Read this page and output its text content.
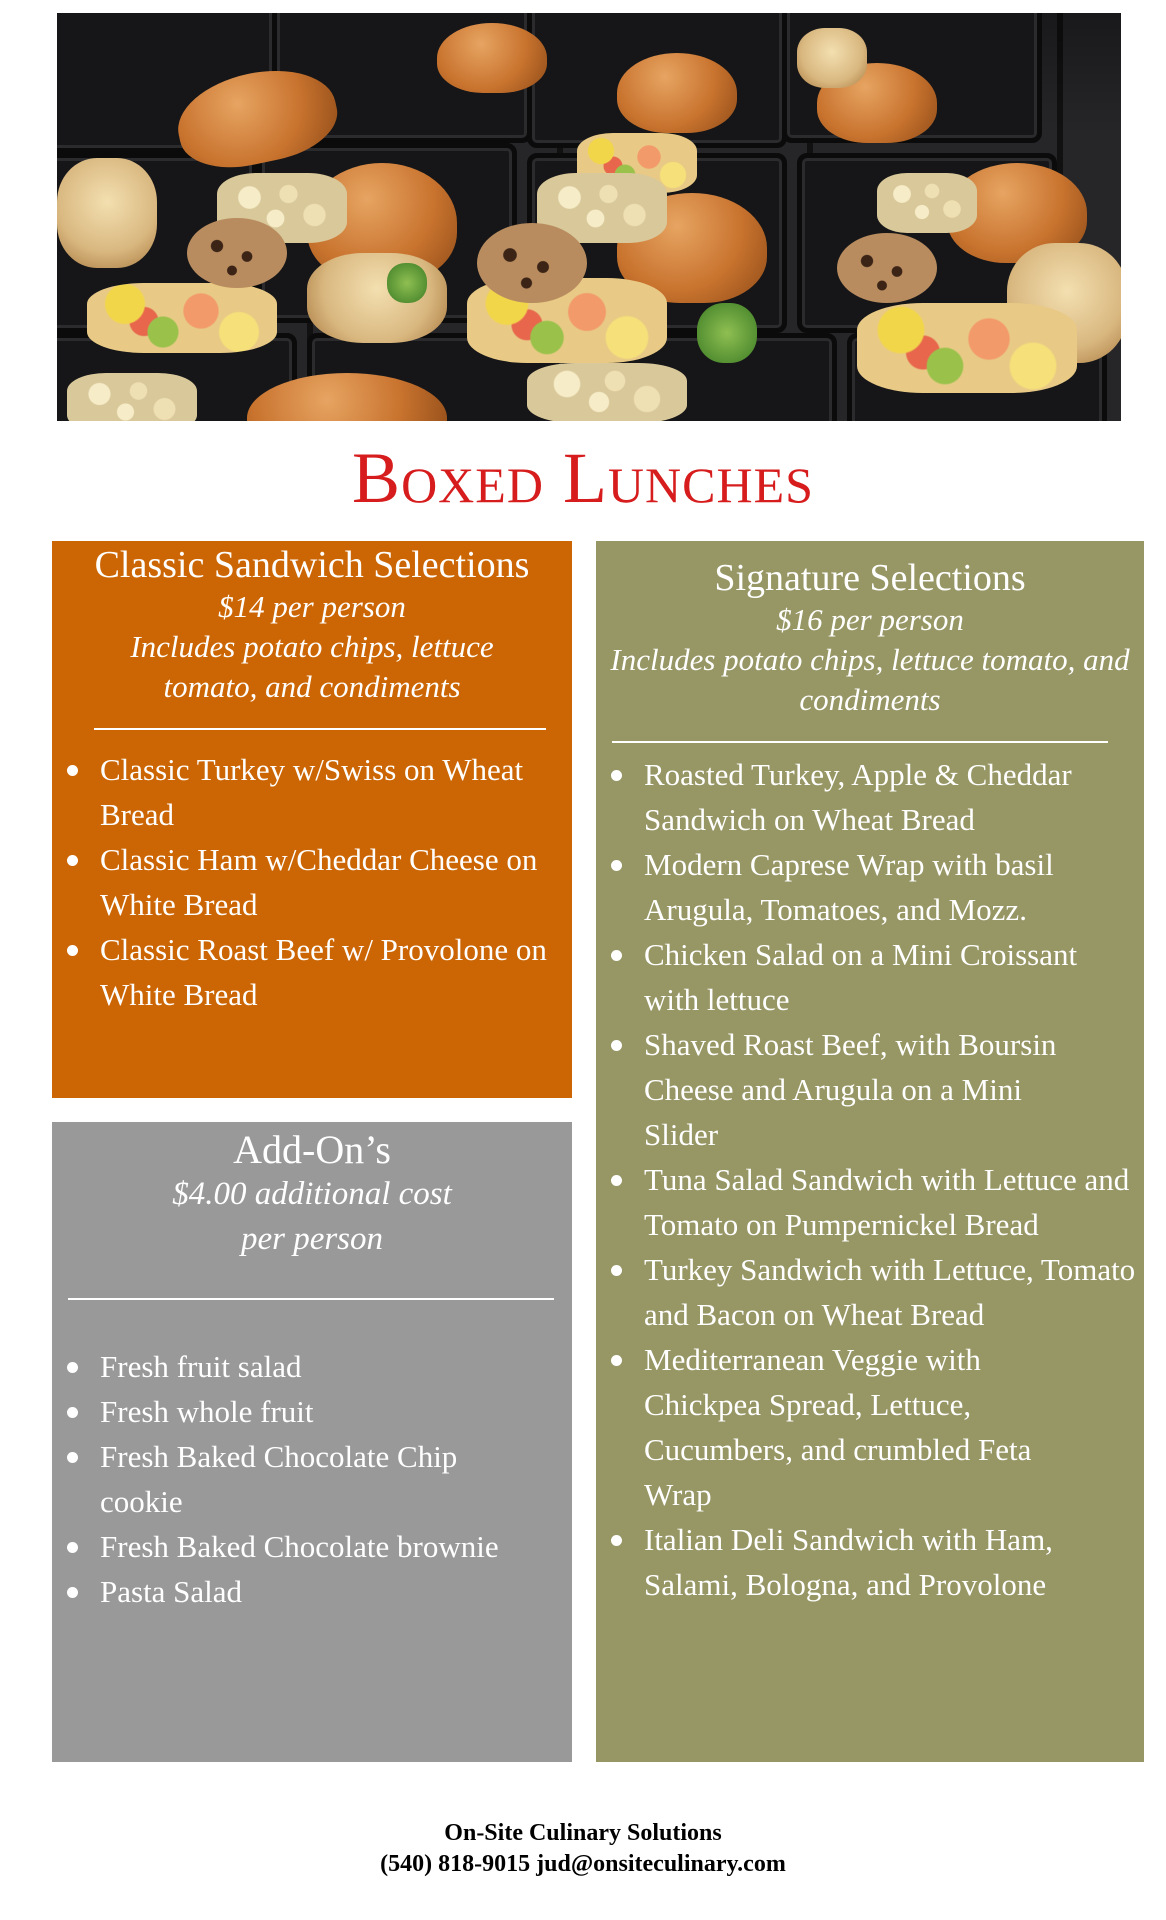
Boxed Lunches
Classic Sandwich Selections
$14 per person
Includes potato chips, lettuce tomato, and condiments
Classic Turkey w/Swiss on Wheat Bread
Classic Ham w/Cheddar Cheese on White Bread
Classic Roast Beef w/ Provolone on White Bread
Add-On’s
$4.00 additional cost per person
Fresh fruit salad
Fresh whole fruit
Fresh Baked Chocolate Chip cookie
Fresh Baked Chocolate brownie
Pasta Salad
Signature Selections
$16 per person
Includes potato chips, lettuce tomato, and condiments
Roasted Turkey, Apple & Cheddar Sandwich on Wheat Bread
Modern Caprese Wrap with basil Arugula, Tomatoes, and Mozz.
Chicken Salad on a Mini Croissant with lettuce
Shaved Roast Beef, with Boursin Cheese and Arugula on a Mini Slider
Tuna Salad Sandwich with Lettuce and Tomato on Pumpernickel Bread
Turkey Sandwich with Lettuce, Tomato and Bacon on Wheat Bread
Mediterranean Veggie with Chickpea Spread, Lettuce, Cucumbers, and crumbled Feta Wrap
Italian Deli Sandwich with Ham, Salami, Bologna, and Provolone
On-Site Culinary Solutions
(540) 818-9015 jud@onsiteculinary.com
